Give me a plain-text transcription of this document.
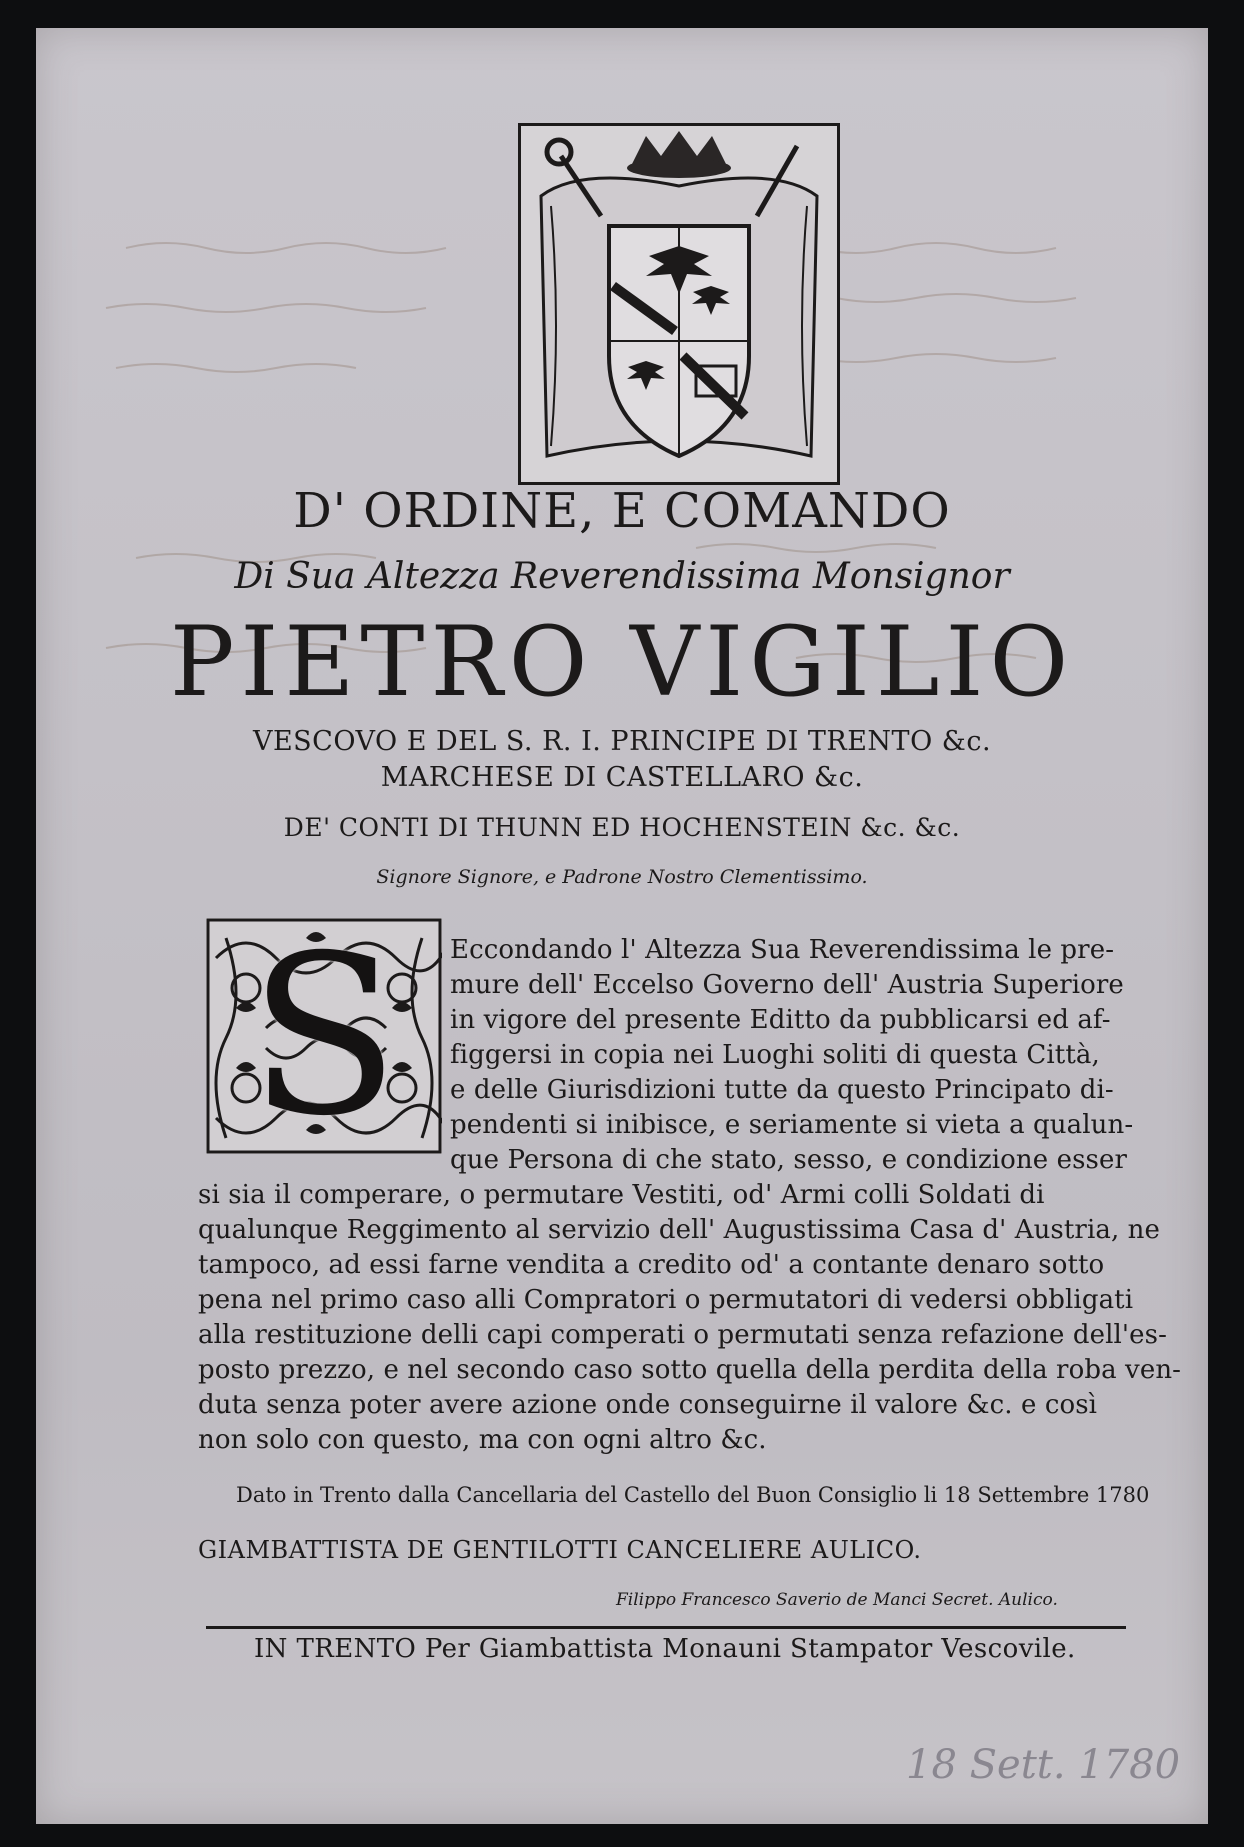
D' ORDINE, E COMANDO
Di Sua Altezza Reverendissima Monsignor
PIETRO VIGILIO
VESCOVO E DEL S. R. I. PRINCIPE DI TRENTO &c.
MARCHESE DI CASTELLARO &c.
DE' CONTI DI THUNN ED HOCHENSTEIN &c. &c.
Signore Signore, e Padrone Nostro Clementissimo.
S	Eccondando l' Altezza Sua Reverendissima le pre-
mure dell' Eccelso Governo dell' Austria Superiore
in vigore del presente Editto da pubblicarsi ed af-
figgersi in copia nei Luoghi soliti di questa Città,
e delle Giurisdizioni tutte da questo Principato di-
pendenti si inibisce, e seriamente si vieta a qualun-
que Persona di che stato, sesso, e condizione esser
si sia il comperare, o permutare Vestiti, od' Armi colli Soldati di
qualunque Reggimento al servizio dell' Augustissima Casa d' Austria, ne
tampoco, ad essi farne vendita a credito od' a contante denaro sotto
pena nel primo caso alli Compratori o permutatori di vedersi obbligati
alla restituzione delli capi comperati o permutati senza refazione dell'es-
posto prezzo, e nel secondo caso sotto quella della perdita della roba ven-
duta senza poter avere azione onde conseguirne il valore &c. e così
non solo con questo, ma con ogni altro &c.
Dato in Trento dalla Cancellaria del Castello del Buon Consiglio li 18 Settembre 1780
GIAMBATTISTA DE GENTILOTTI CANCELIERE AULICO.
Filippo Francesco Saverio de Manci Secret. Aulico.
IN TRENTO Per Giambattista Monauni Stampator Vescovile.
18 Sett. 1780
